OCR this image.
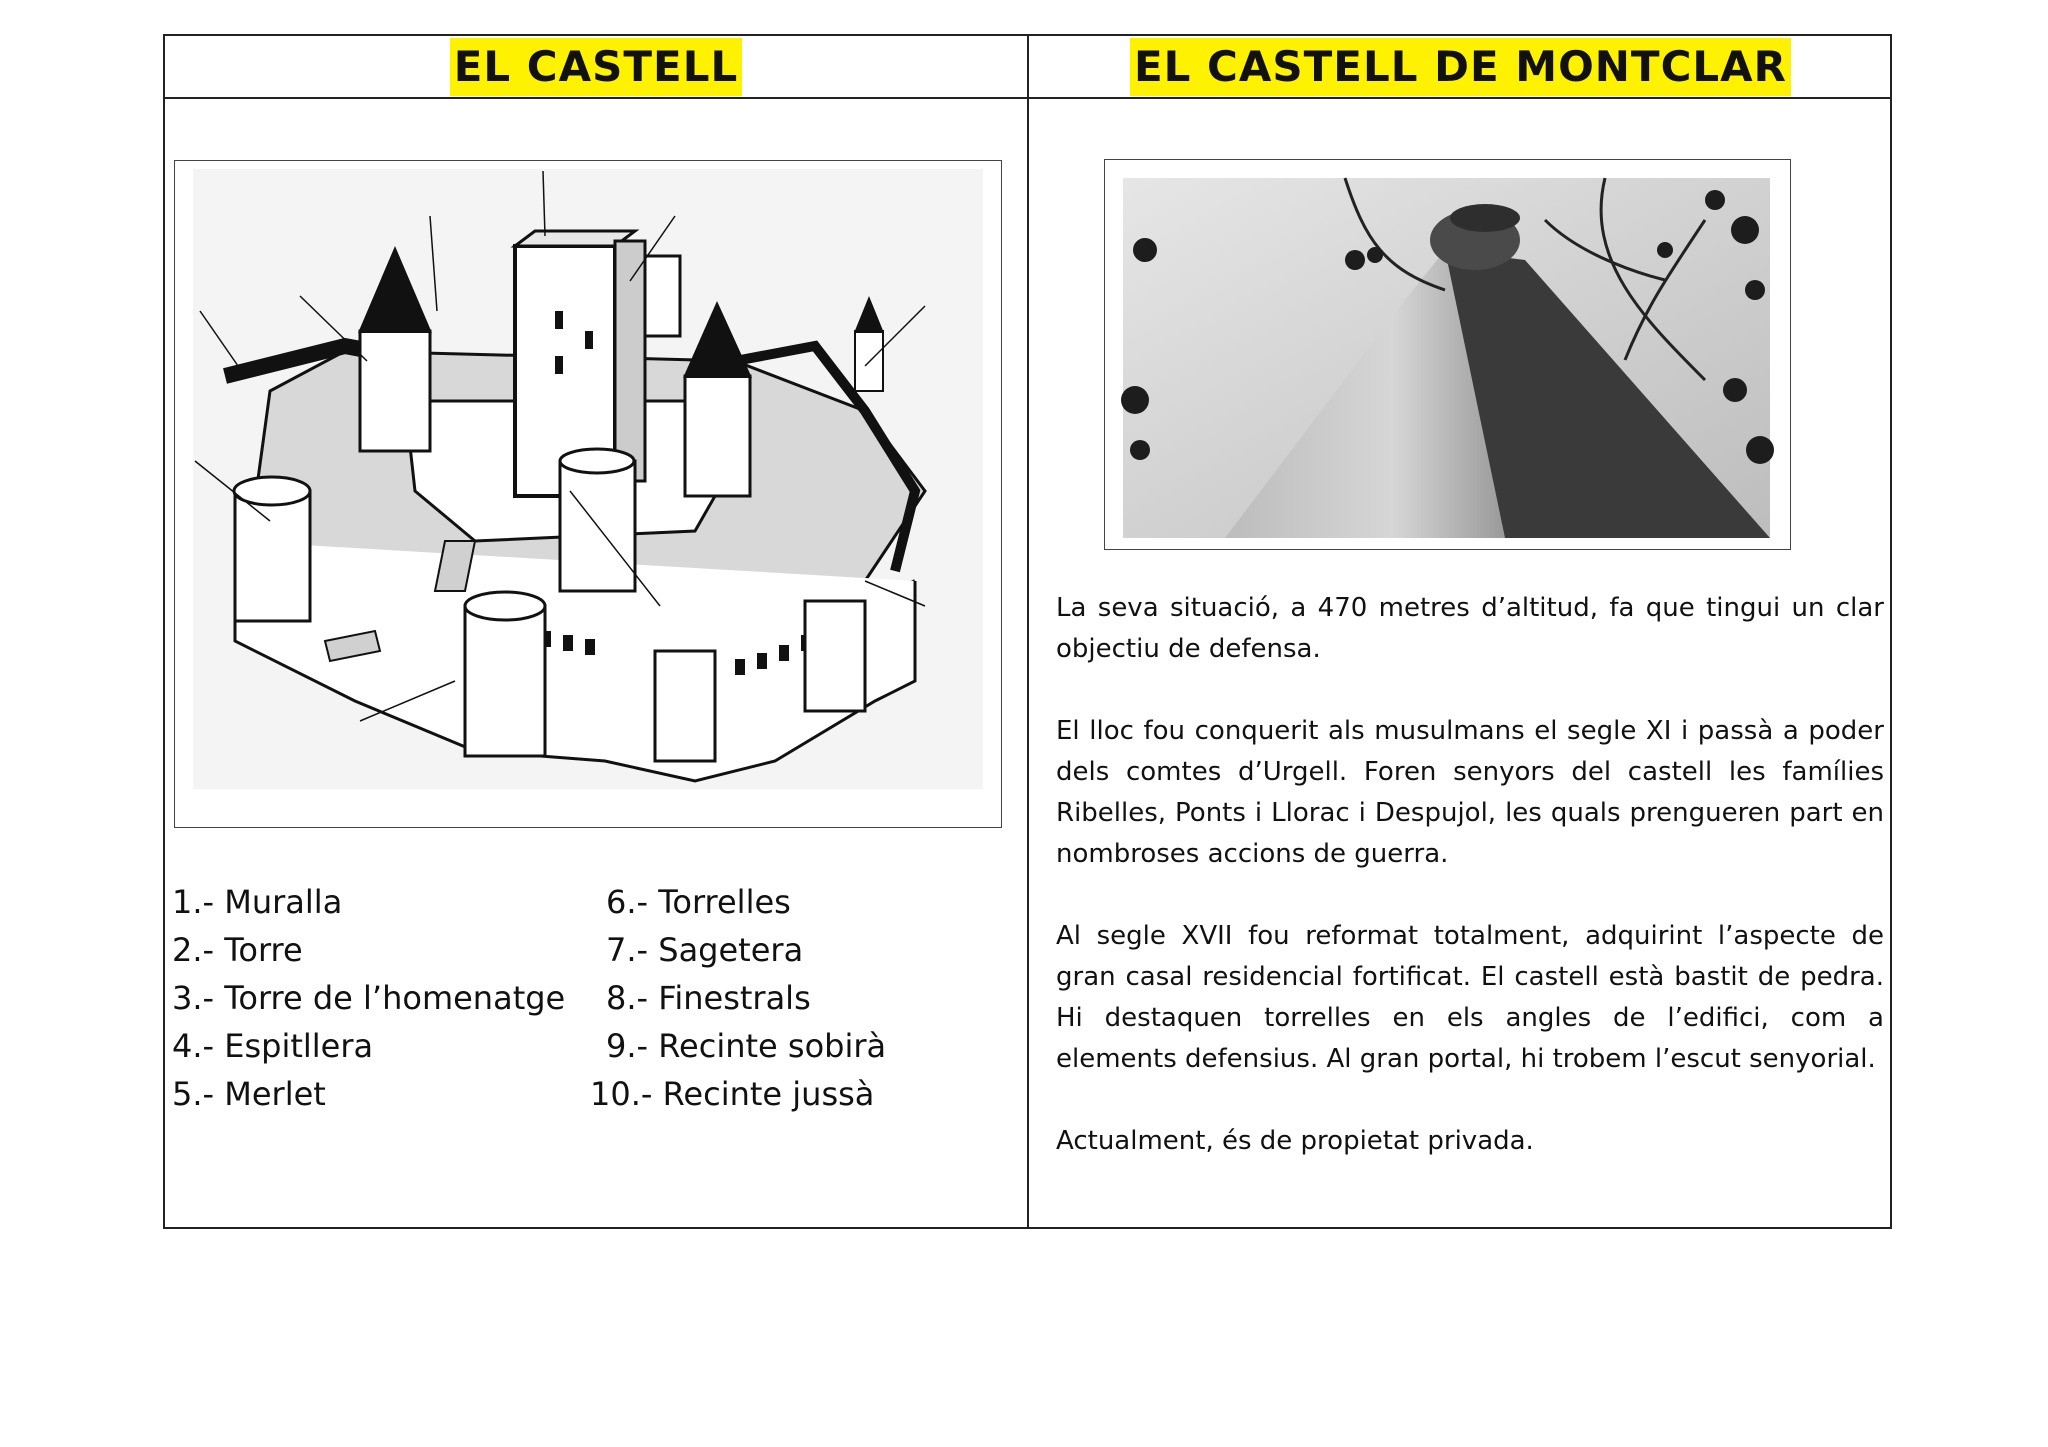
EL CASTELL	EL CASTELL DE MONTCLAR
1.- Muralla
2.- Torre
3.- Torre de l’homenatge
4.- Espitllera
5.- Merlet
6.- Torrelles
7.- Sagetera
8.- Finestrals
9.- Recinte sobirà
10.- Recinte jussà

La seva situació, a 470 metres d’altitud, fa que tingui un clar objectiu de defensa.

El lloc fou conquerit als musulmans el segle XI i passà a poder dels comtes d’Urgell. Foren senyors del castell les famílies Ribelles, Ponts i Llorac i Despujol, les quals prengueren part en nombroses accions de guerra.

Al segle XVII fou reformat totalment, adquirint l’aspecte de gran casal residencial fortificat. El castell està bastit de pedra. Hi destaquen torrelles en els angles de l’edifici, com a elements defensius. Al gran portal, hi trobem l’escut senyorial.

Actualment, és de propietat privada.
